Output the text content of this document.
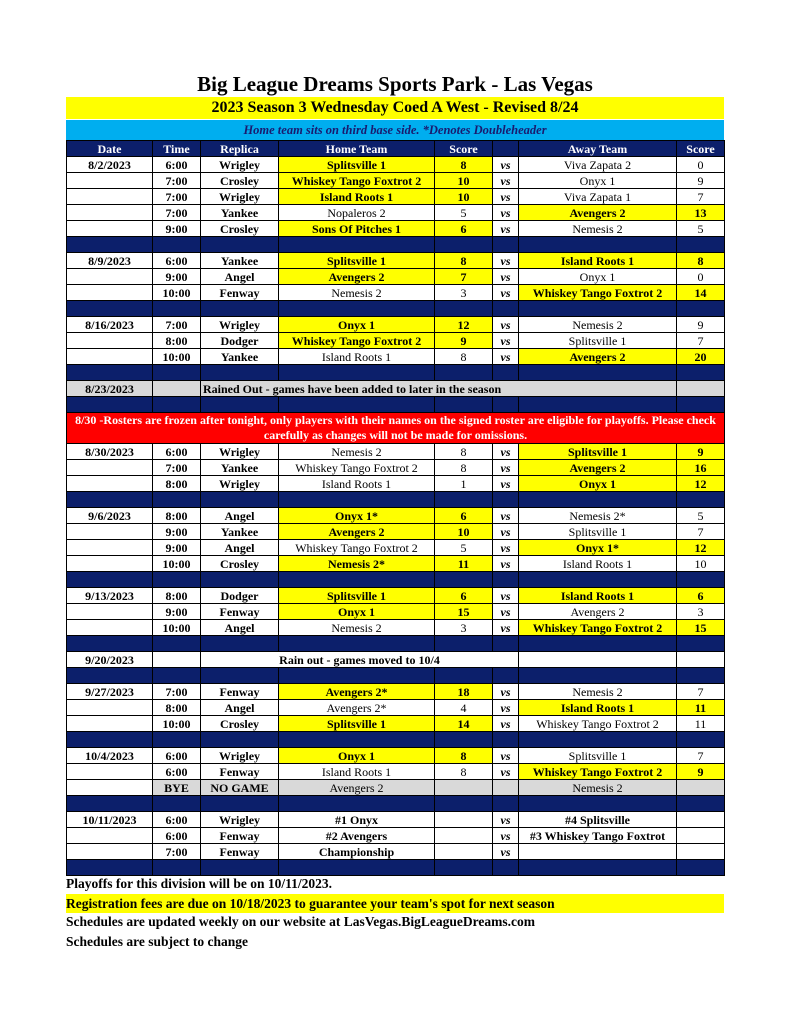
Big League Dreams Sports Park - Las Vegas
2023 Season 3 Wednesday Coed A West - Revised 8/24
Home team sits on third base side. *Denotes Doubleheader
Date	Time	Replica	Home Team	Score		Away Team	Score
8/2/2023	6:00	Wrigley	Splitsville 1	8	vs	Viva Zapata 2	0
	7:00	Crosley	Whiskey Tango Foxtrot 2	10	vs	Onyx 1	9
	7:00	Wrigley	Island Roots 1	10	vs	Viva Zapata 1	7
	7:00	Yankee	Nopaleros 2	5	vs	Avengers 2	13
	9:00	Crosley	Sons Of Pitches 1	6	vs	Nemesis 2	5

8/9/2023	6:00	Yankee	Splitsville 1	8	vs	Island Roots 1	8
	9:00	Angel	Avengers 2	7	vs	Onyx 1	0
	10:00	Fenway	Nemesis 2	3	vs	Whiskey Tango Foxtrot 2	14

8/16/2023	7:00	Wrigley	Onyx 1	12	vs	Nemesis 2	9
	8:00	Dodger	Whiskey Tango Foxtrot 2	9	vs	Splitsville 1	7
	10:00	Yankee	Island Roots 1	8	vs	Avengers 2	20

8/23/2023		Rained Out - games have been added to later in the season					

8/30 -Rosters are frozen after tonight, only players with their names on the signed roster are eligible for playoffs. Please check carefully as changes will not be made for omissions.							
8/30/2023	6:00	Wrigley	Nemesis 2	8	vs	Splitsville 1	9
	7:00	Yankee	Whiskey Tango Foxtrot 2	8	vs	Avengers 2	16
	8:00	Wrigley	Island Roots 1	1	vs	Onyx 1	12

9/6/2023	8:00	Angel	Onyx 1*	6	vs	Nemesis 2*	5
	9:00	Yankee	Avengers 2	10	vs	Splitsville 1	7
	9:00	Angel	Whiskey Tango Foxtrot 2	5	vs	Onyx 1*	12
	10:00	Crosley	Nemesis 2*	11	vs	Island Roots 1	10

9/13/2023	8:00	Dodger	Splitsville 1	6	vs	Island Roots 1	6
	9:00	Fenway	Onyx 1	15	vs	Avengers 2	3
	10:00	Angel	Nemesis 2	3	vs	Whiskey Tango Foxtrot 2	15

9/20/2023		Rain out - games moved to 10/4					

9/27/2023	7:00	Fenway	Avengers 2*	18	vs	Nemesis 2	7
	8:00	Angel	Avengers 2*	4	vs	Island Roots 1	11
	10:00	Crosley	Splitsville 1	14	vs	Whiskey Tango Foxtrot 2	11

10/4/2023	6:00	Wrigley	Onyx 1	8	vs	Splitsville 1	7
	6:00	Fenway	Island Roots 1	8	vs	Whiskey Tango Foxtrot 2	9
	BYE	NO GAME	Avengers 2			Nemesis 2	

10/11/2023	6:00	Wrigley	#1 Onyx		vs	#4 Splitsville	
	6:00	Fenway	#2 Avengers		vs	#3 Whiskey Tango Foxtrot	
	7:00	Fenway	Championship		vs		

Playoffs for this division will be on 10/11/2023.
Registration fees are due on 10/18/2023 to guarantee your team's spot for next season
Schedules are updated weekly on our website at LasVegas.BigLeagueDreams.com
Schedules are subject to change
